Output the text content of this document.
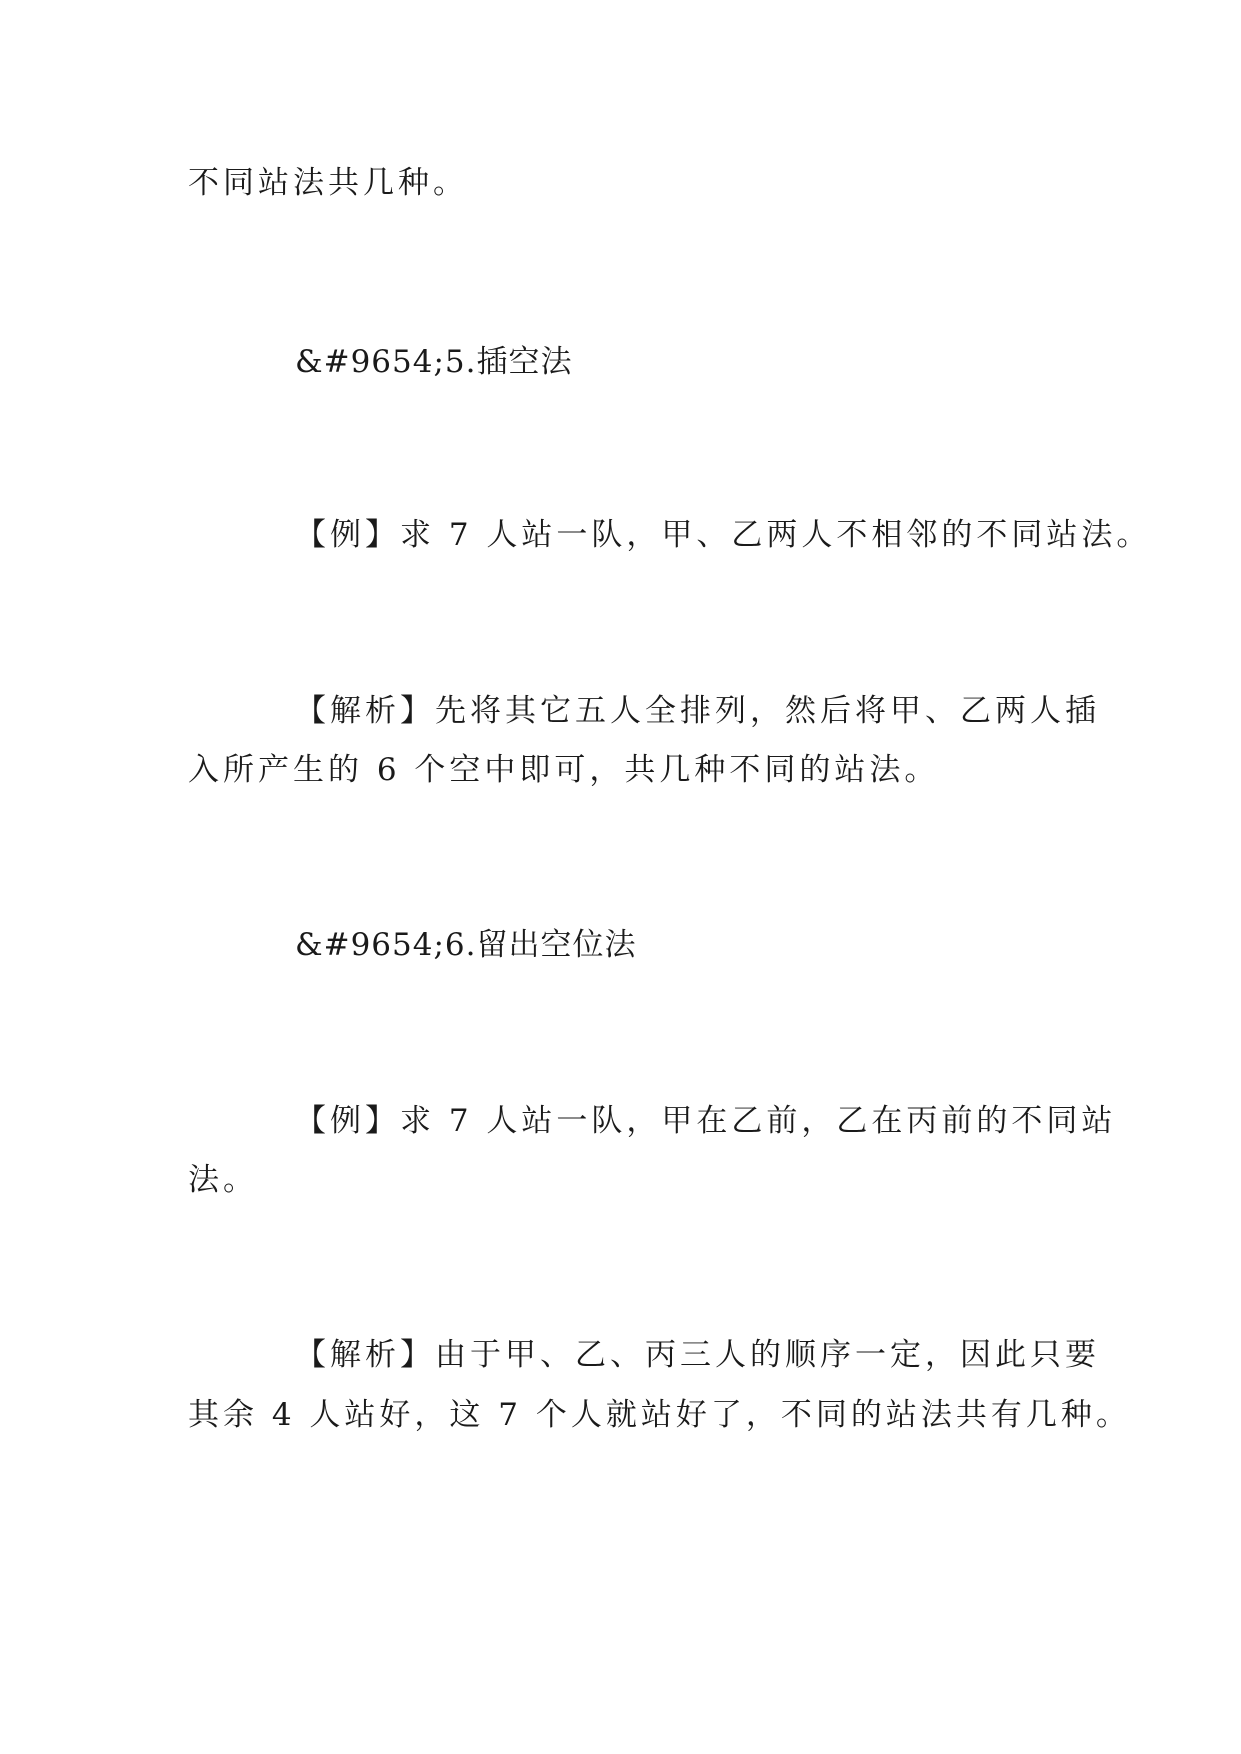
不同站法共几种。
&#9654;5.插空法
【例】求 7 人站一队，甲、乙两人不相邻的不同站法。
【解析】先将其它五人全排列，然后将甲、乙两人插
入所产生的 6 个空中即可，共几种不同的站法。
&#9654;6.留出空位法
【例】求 7 人站一队，甲在乙前，乙在丙前的不同站
法。
【解析】由于甲、乙、丙三人的顺序一定，因此只要
其余 4 人站好，这 7 个人就站好了，不同的站法共有几种。
